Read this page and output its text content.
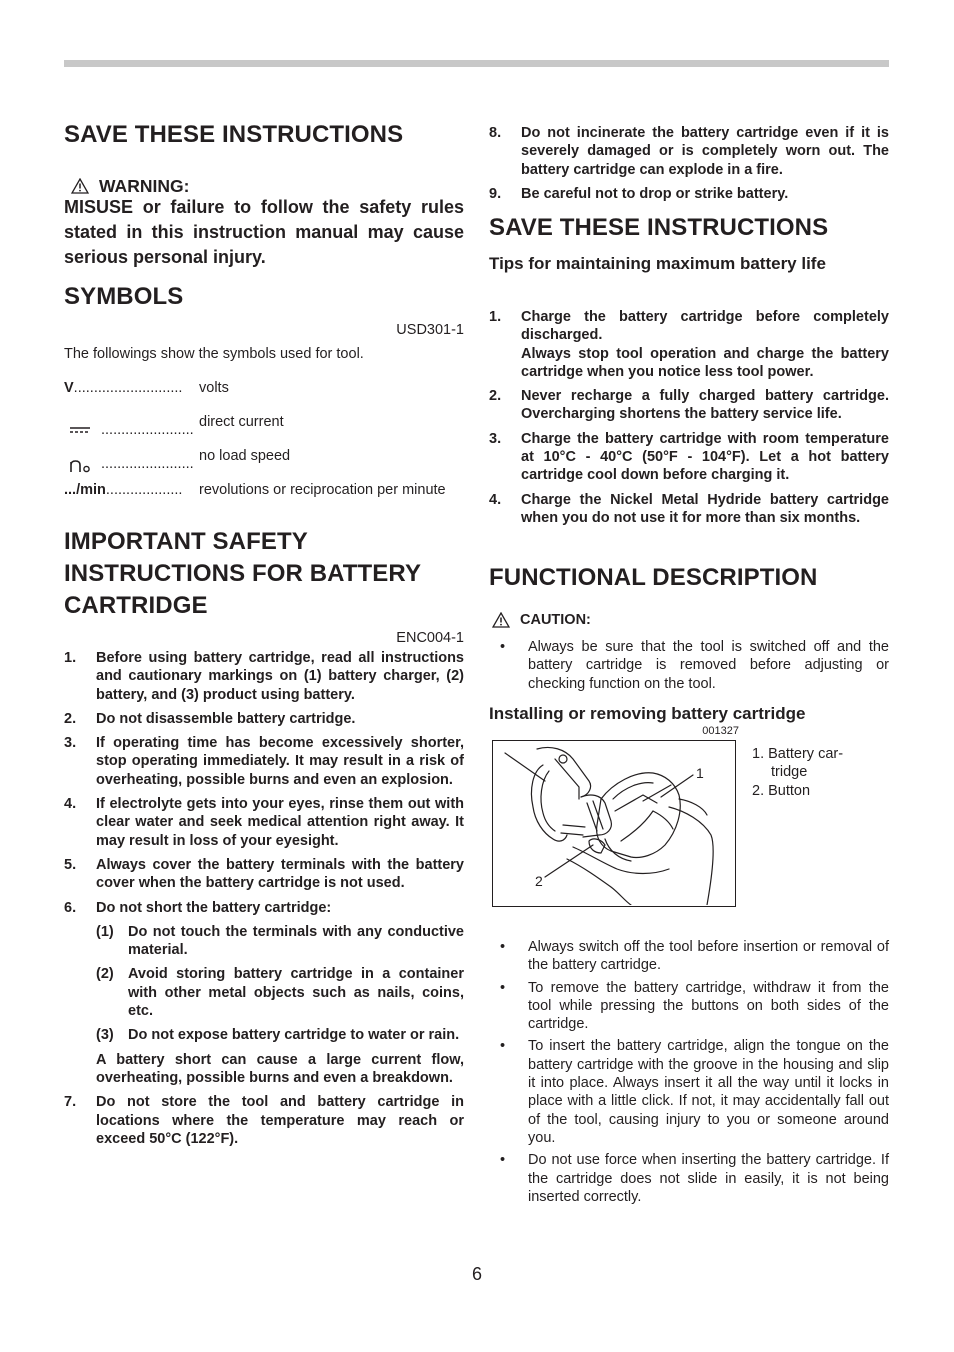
SAVE THESE INSTRUCTIONS
WARNING:
MISUSE or failure to follow the safety rules stated in this instruction manual may cause serious personal injury.
SYMBOLS
USD301-1
The followings show the symbols used for tool.
V...........................	volts
....................... direct current
....................... no load speed
.../min...................	revolutions or reciprocation per minute
IMPORTANT SAFETY INSTRUCTIONS FOR BATTERY CARTRIDGE
ENC004-1
1.	Before using battery cartridge, read all instructions and cautionary markings on (1) battery charger, (2) battery, and (3) product using battery.
2.	Do not disassemble battery cartridge.
3.	If operating time has become excessively shorter, stop operating immediately. It may result in a risk of overheating, possible burns and even an explosion.
4.	If electrolyte gets into your eyes, rinse them out with clear water and seek medical attention right away. It may result in loss of your eyesight.
5.	Always cover the battery terminals with the battery cover when the battery cartridge is not used.
6.	Do not short the battery cartridge:
(1) Do not touch the terminals with any conductive material.
(2) Avoid storing battery cartridge in a container with other metal objects such as nails, coins, etc.
(3) Do not expose battery cartridge to water or rain.
A battery short can cause a large current flow, overheating, possible burns and even a breakdown.
7.	Do not store the tool and battery cartridge in locations where the temperature may reach or exceed 50°C (122°F).
8.	Do not incinerate the battery cartridge even if it is severely damaged or is completely worn out. The battery cartridge can explode in a fire.
9.	Be careful not to drop or strike battery.
SAVE THESE INSTRUCTIONS
Tips for maintaining maximum battery life
1.	Charge the battery cartridge before completely discharged.
Always stop tool operation and charge the battery cartridge when you notice less tool power.
2.	Never recharge a fully charged battery cartridge. Overcharging shortens the battery service life.
3.	Charge the battery cartridge with room temperature at 10°C - 40°C (50°F - 104°F). Let a hot battery cartridge cool down before charging it.
4.	Charge the Nickel Metal Hydride battery cartridge when you do not use it for more than six months.
FUNCTIONAL DESCRIPTION
CAUTION:
•	Always be sure that the tool is switched off and the battery cartridge is removed before adjusting or checking function on the tool.
Installing or removing battery cartridge
001327
1
2
1. Battery car-
tridge
2. Button
•	Always switch off the tool before insertion or removal of the battery cartridge.
•	To remove the battery cartridge, withdraw it from the tool while pressing the buttons on both sides of the cartridge.
•	To insert the battery cartridge, align the tongue on the battery cartridge with the groove in the housing and slip it into place. Always insert it all the way until it locks in place with a little click. If not, it may accidentally fall out of the tool, causing injury to you or someone around you.
•	Do not use force when inserting the battery cartridge. If the cartridge does not slide in easily, it is not being inserted correctly.
6
